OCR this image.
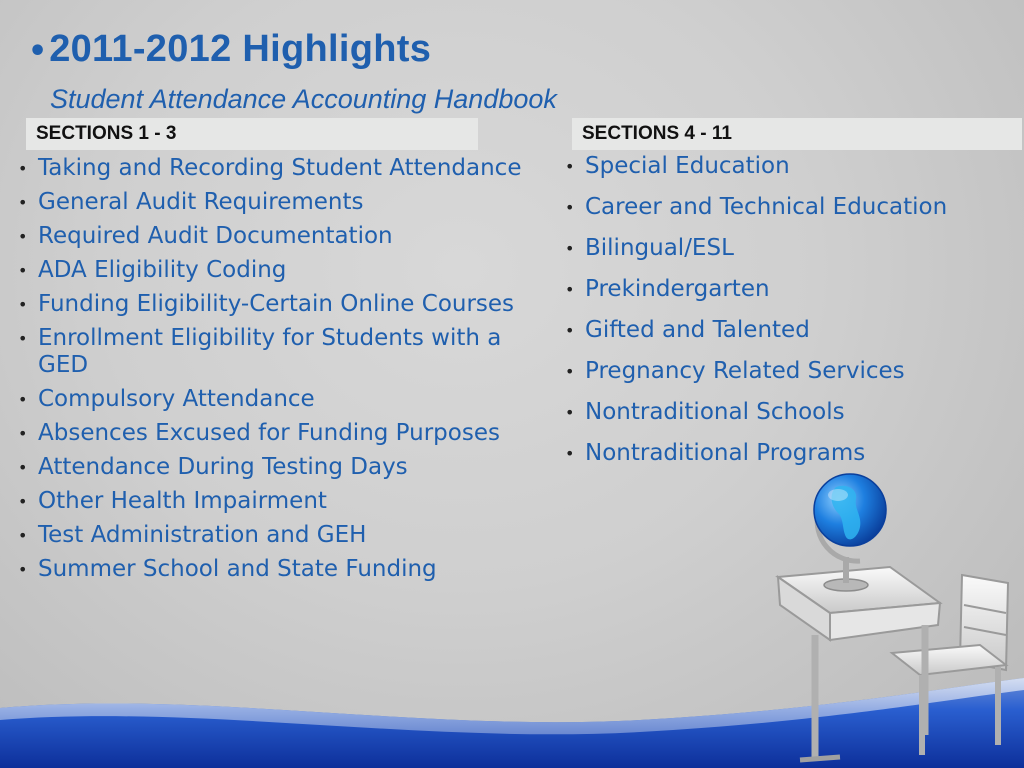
• 2011-2012 Highlights
Student Attendance Accounting Handbook
SECTIONS 1 - 3	SECTIONS 4 - 11
• Taking and Recording Student Attendance
• General Audit Requirements
• Required Audit Documentation
• ADA Eligibility Coding
• Funding Eligibility-Certain Online Courses
• Enrollment Eligibility for Students with a GED
• Compulsory Attendance
• Absences Excused for Funding Purposes
• Attendance During Testing Days
• Other Health Impairment
• Test Administration and GEH
• Summer School and State Funding
• Special Education
• Career and Technical Education
• Bilingual/ESL
• Prekindergarten
• Gifted and Talented
• Pregnancy Related Services
• Nontraditional Schools
• Nontraditional Programs
